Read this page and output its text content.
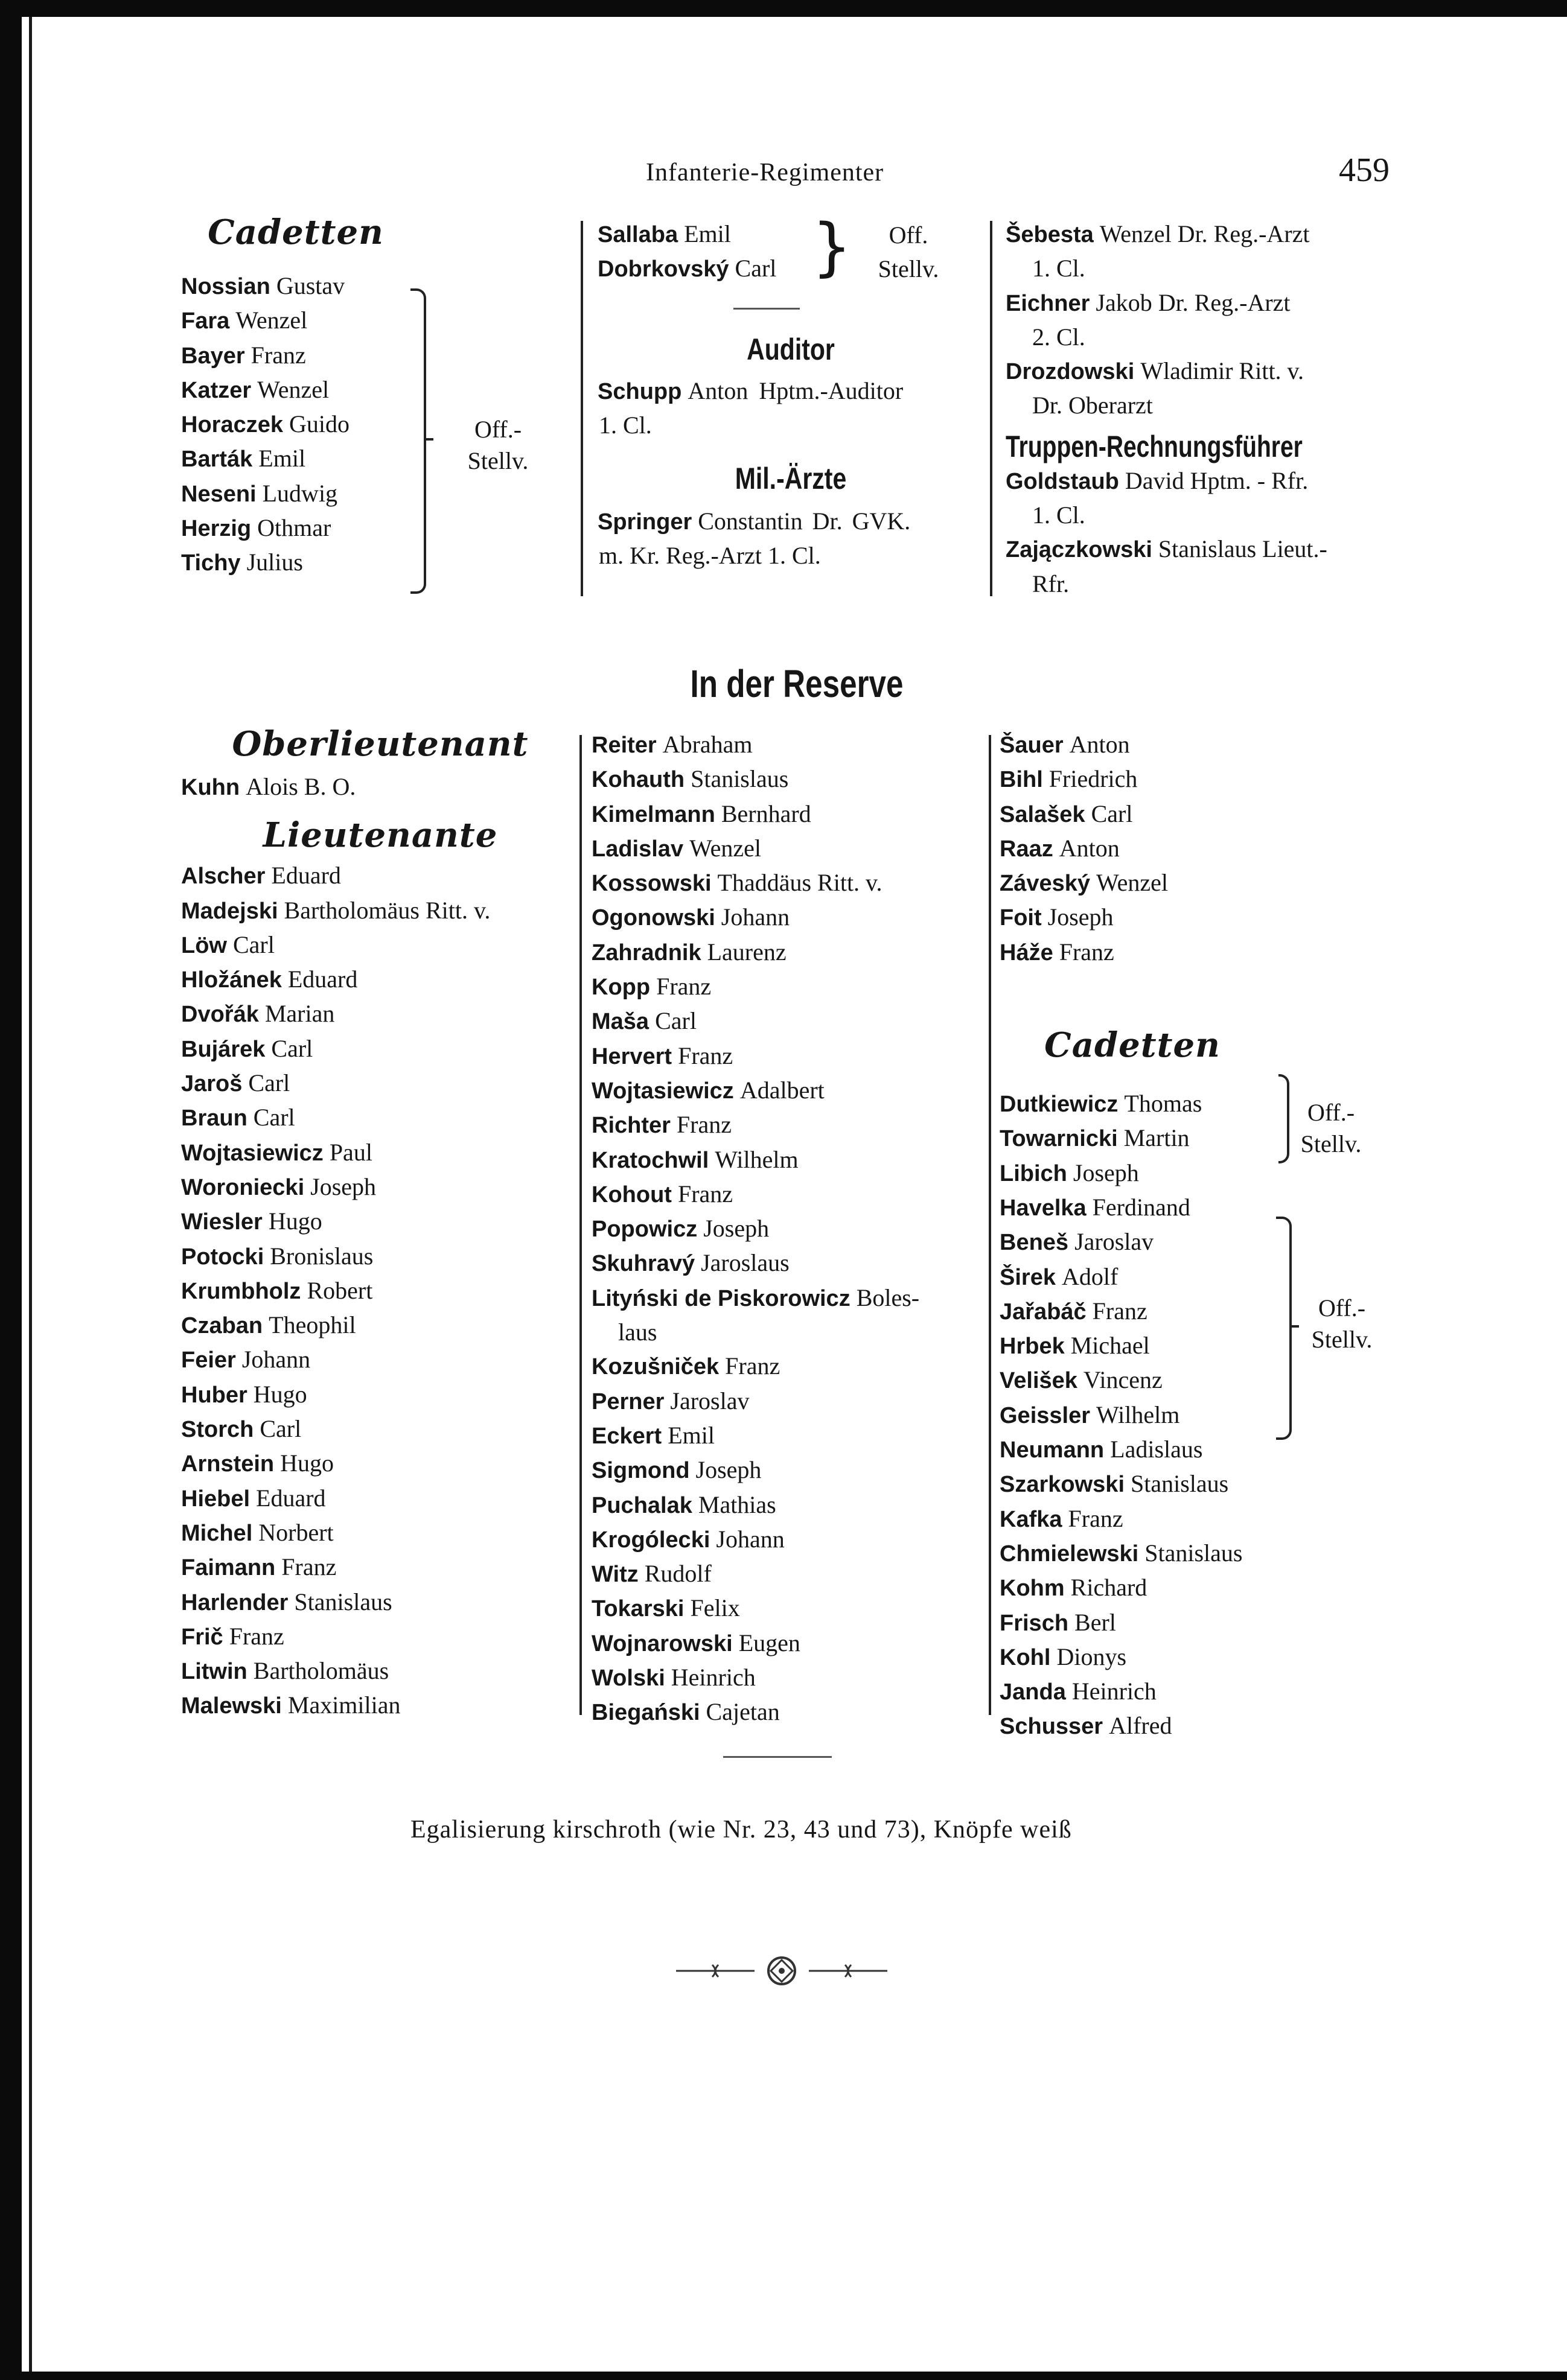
Infanterie-Regimenter	459
Cadetten
Nossian Gustav
Fara Wenzel
Bayer Franz
Katzer Wenzel
Horaczek Guido
Barták Emil
Neseni Ludwig
Herzig Othmar
Tichy Julius
Off.-
Stellv.
Sallaba Emil
Dobrkovský Carl
Off.
Stellv.
}
Auditor
Schupp Anton Hptm.-Auditor
1. Cl.
Mil.-Ärzte
Springer Constantin Dr. GVK.
m. Kr. Reg.-Arzt 1. Cl.
Šebesta Wenzel Dr. Reg.-Arzt
1. Cl.
Eichner Jakob Dr. Reg.-Arzt
2. Cl.
Drozdowski Wladimir Ritt. v.
Dr. Oberarzt
Truppen-Rechnungsführer
Goldstaub David Hptm. - Rfr.
1. Cl.
Zajączkowski Stanislaus Lieut.-
Rfr.
In der Reserve
Oberlieutenant
Kuhn Alois B. O.
Lieutenante
Alscher Eduard
Madejski Bartholomäus Ritt. v.
Löw Carl
Hložánek Eduard
Dvořák Marian
Bujárek Carl
Jaroš Carl
Braun Carl
Wojtasiewicz Paul
Woroniecki Joseph
Wiesler Hugo
Potocki Bronislaus
Krumbholz Robert
Czaban Theophil
Feier Johann
Huber Hugo
Storch Carl
Arnstein Hugo
Hiebel Eduard
Michel Norbert
Faimann Franz
Harlender Stanislaus
Frič Franz
Litwin Bartholomäus
Malewski Maximilian
Reiter Abraham
Kohauth Stanislaus
Kimelmann Bernhard
Ladislav Wenzel
Kossowski Thaddäus Ritt. v.
Ogonowski Johann
Zahradnik Laurenz
Kopp Franz
Maša Carl
Hervert Franz
Wojtasiewicz Adalbert
Richter Franz
Kratochwil Wilhelm
Kohout Franz
Popowicz Joseph
Skuhravý Jaroslaus
Lityński de Piskorowicz Boles-
laus
Kozušniček Franz
Perner Jaroslav
Eckert Emil
Sigmond Joseph
Puchalak Mathias
Krogólecki Johann
Witz Rudolf
Tokarski Felix
Wojnarowski Eugen
Wolski Heinrich
Biegański Cajetan
Šauer Anton
Bihl Friedrich
Salašek Carl
Raaz Anton
Záveský Wenzel
Foit Joseph
Háže Franz
Cadetten
Dutkiewicz Thomas
Towarnicki Martin
Libich Joseph
Havelka Ferdinand
Beneš Jaroslav
Širek Adolf
Jařabáč Franz
Hrbek Michael
Velišek Vincenz
Geissler Wilhelm
Neumann Ladislaus
Szarkowski Stanislaus
Kafka Franz
Chmielewski Stanislaus
Kohm Richard
Frisch Berl
Kohl Dionys
Janda Heinrich
Schusser Alfred
Off.-
Stellv.
Off.-
Stellv.
Egalisierung kirschroth (wie Nr. 23, 43 und 73), Knöpfe weiß
